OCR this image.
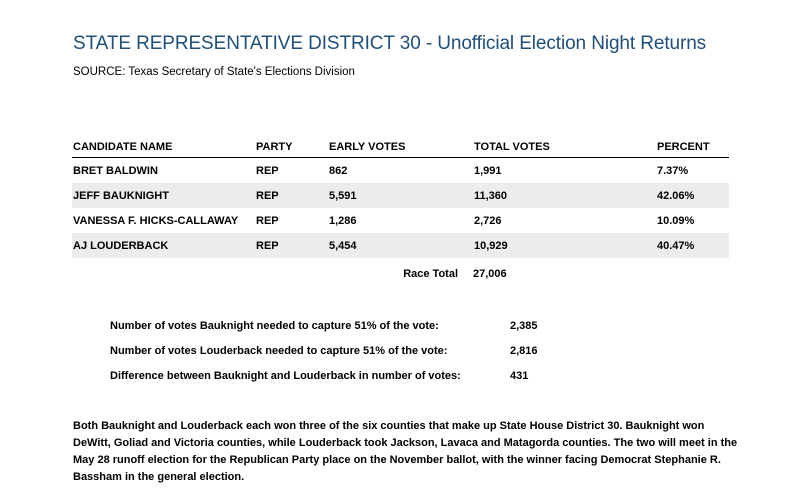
STATE REPRESENTATIVE DISTRICT 30 - Unofficial Election Night Returns
SOURCE: Texas Secretary of State's Elections Division
CANDIDATE NAME	PARTY	EARLY VOTES	TOTAL VOTES	PERCENT
BRET BALDWIN	REP	862	1,991	7.37%
JEFF BAUKNIGHT	REP	5,591	11,360	42.06%
VANESSA F. HICKS-CALLAWAY	REP	1,286	2,726	10.09%
AJ LOUDERBACK	REP	5,454	10,929	40.47%
Race Total 27,006
Number of votes Bauknight needed to capture 51% of the vote:	2,385
Number of votes Louderback needed to capture 51% of the vote:	2,816
Difference between Bauknight and Louderback in number of votes:	431

Both Bauknight and Louderback each won three of the six counties that make up State House District 30. Bauknight won DeWitt, Goliad and Victoria counties, while Louderback took Jackson, Lavaca and Matagorda counties. The two will meet in the May 28 runoff election for the Republican Party place on the November ballot, with the winner facing Democrat Stephanie R. Bassham in the general election.
